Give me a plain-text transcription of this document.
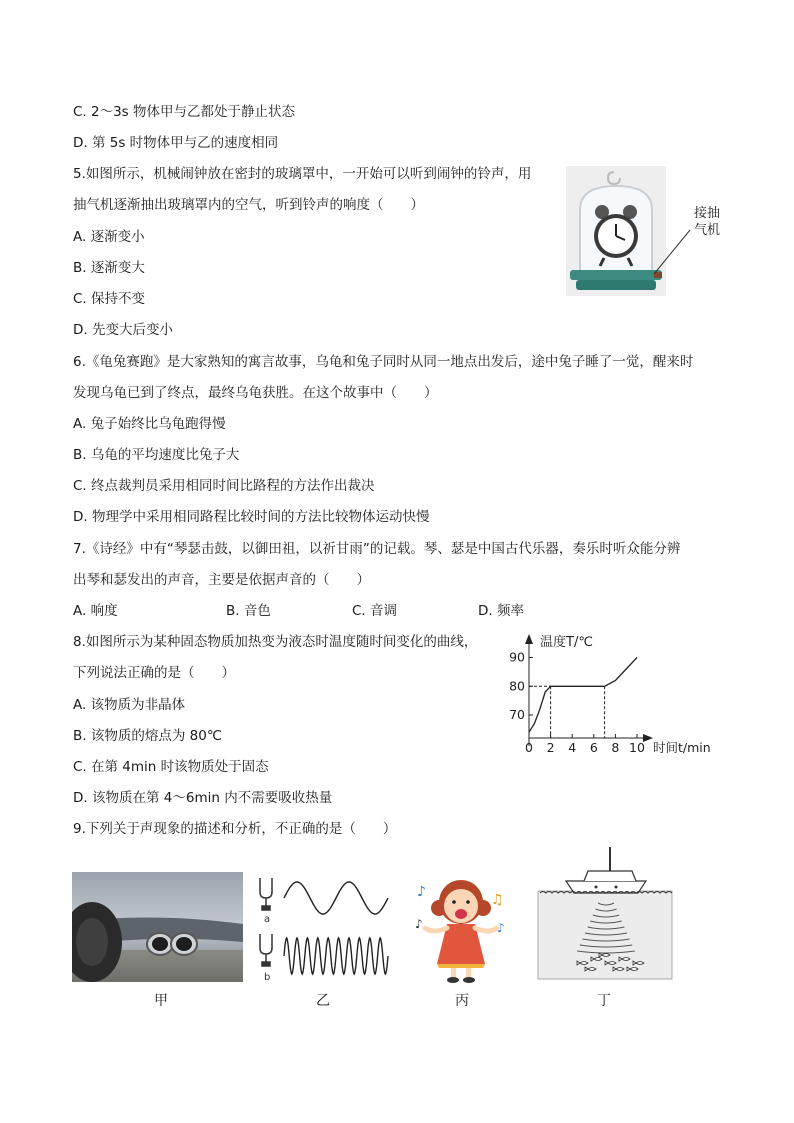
C. 2～3s 物体甲与乙都处于静止状态
D. 第 5s 时物体甲与乙的速度相同
5.如图所示，机械闹钟放在密封的玻璃罩中，一开始可以听到闹钟的铃声，用
抽气机逐渐抽出玻璃罩内的空气，听到铃声的响度（　　）
A. 逐渐变小
B. 逐渐变大
C. 保持不变
D. 先变大后变小
接抽
气机
6.《龟兔赛跑》是大家熟知的寓言故事，乌龟和兔子同时从同一地点出发后，途中兔子睡了一觉，醒来时
发现乌龟已到了终点，最终乌龟获胜。在这个故事中（　　）
A. 兔子始终比乌龟跑得慢
B. 乌龟的平均速度比兔子大
C. 终点裁判员采用相同时间比路程的方法作出裁决
D. 物理学中采用相同路程比较时间的方法比较物体运动快慢
7.《诗经》中有“琴瑟击鼓，以御田祖，以祈甘雨”的记载。琴、瑟是中国古代乐器，奏乐时听众能分辨
出琴和瑟发出的声音，主要是依据声音的（　　）
A. 响度	B. 音色	C. 音调	D. 频率
8.如图所示为某种固态物质加热变为液态时温度随时间变化的曲线，
下列说法正确的是（　　）
A. 该物质为非晶体
B. 该物质的熔点为 80℃
C. 在第 4min 时该物质处于固态
D. 该物质在第 4～6min 内不需要吸收热量
温度T/℃
时间t/min
0 2 4 6 8 10
70
80
90
9.下列关于声现象的描述和分析，不正确的是（　　）
a
b
♪	♫
♪	♪
甲	乙	丙	丁
